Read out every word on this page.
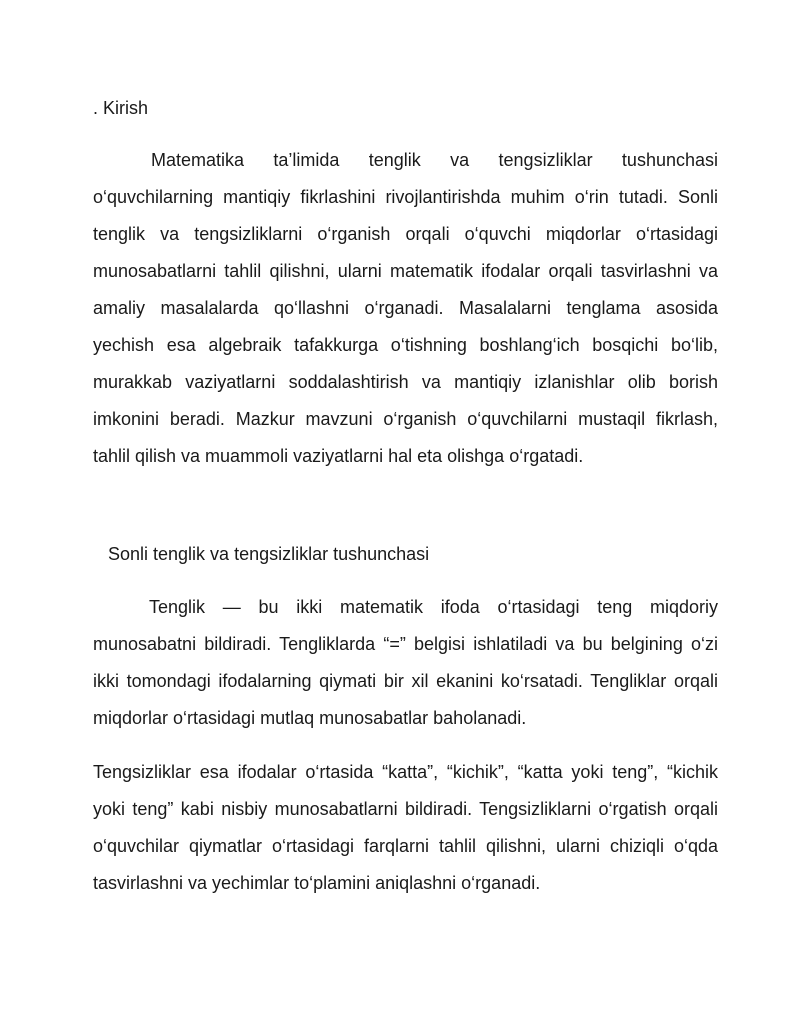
. Kirish

Matematika ta’limida tenglik va tengsizliklar tushunchasi o‘quvchilarning mantiqiy fikrlashini rivojlantirishda muhim o‘rin tutadi. Sonli tenglik va tengsizliklarni o‘rganish orqali o‘quvchi miqdorlar o‘rtasidagi munosabatlarni tahlil qilishni, ularni matematik ifodalar orqali tasvirlashni va amaliy masalalarda qo‘llashni o‘rganadi. Masalalarni tenglama asosida yechish esa algebraik tafakkurga o‘tishning boshlang‘ich bosqichi bo‘lib, murakkab vaziyatlarni soddalashtirish va mantiqiy izlanishlar olib borish imkonini beradi. Mazkur mavzuni o‘rganish o‘quvchilarni mustaqil fikrlash, tahlil qilish va muammoli vaziyatlarni hal eta olishga o‘rgatadi.

Sonli tenglik va tengsizliklar tushunchasi

Tenglik — bu ikki matematik ifoda o‘rtasidagi teng miqdoriy munosabatni bildiradi. Tengliklarda “=” belgisi ishlatiladi va bu belgining o‘zi ikki tomondagi ifodalarning qiymati bir xil ekanini ko‘rsatadi. Tengliklar orqali miqdorlar o‘rtasidagi mutlaq munosabatlar baholanadi.

Tengsizliklar esa ifodalar o‘rtasida “katta”, “kichik”, “katta yoki teng”, “kichik yoki teng” kabi nisbiy munosabatlarni bildiradi. Tengsizliklarni o‘rgatish orqali o‘quvchilar qiymatlar o‘rtasidagi farqlarni tahlil qilishni, ularni chiziqli o‘qda tasvirlashni va yechimlar to‘plamini aniqlashni o‘rganadi.
